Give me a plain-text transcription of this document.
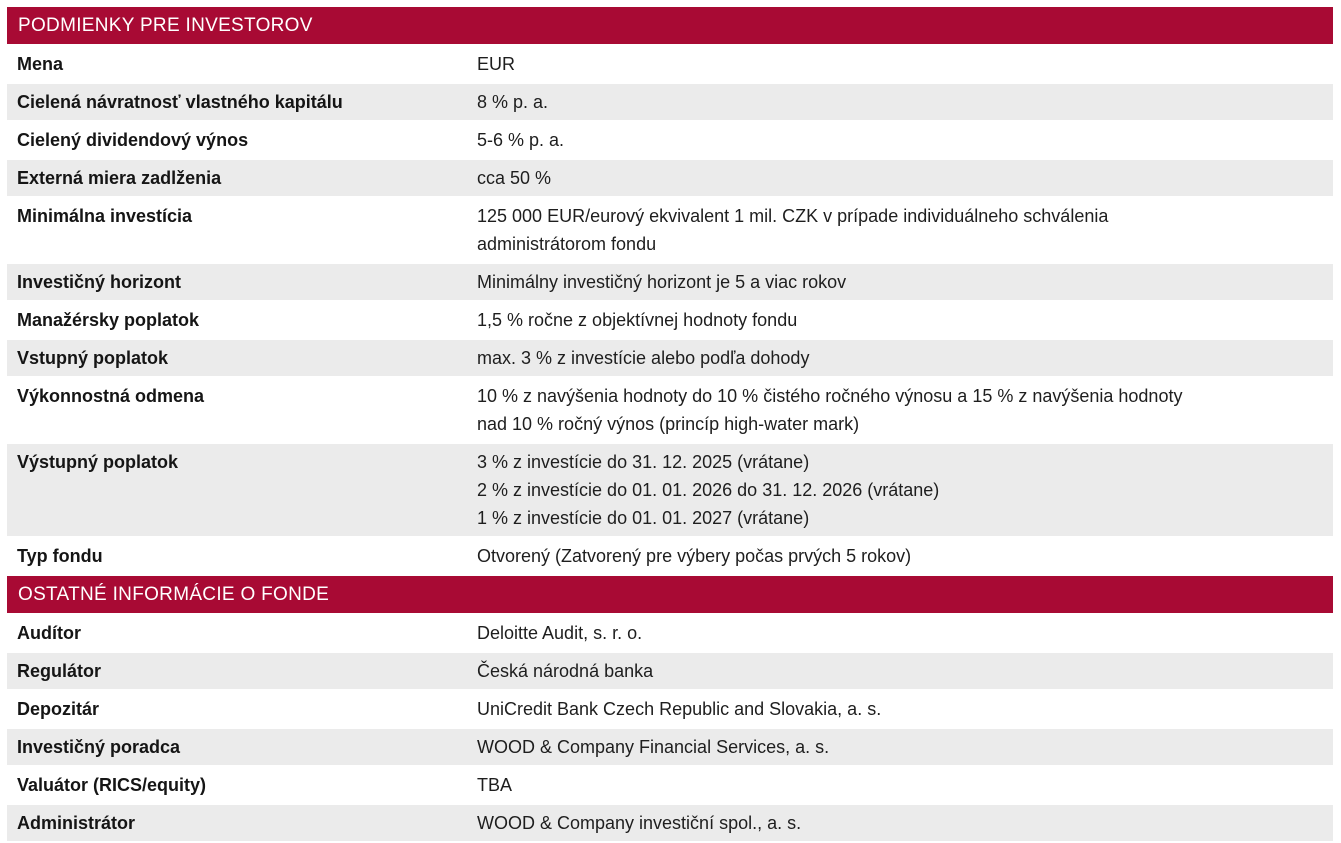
PODMIENKY PRE INVESTOROV	
Mena	EUR

Cielená návratnosť vlastného kapitálu	8 % p. a.

Cielený dividendový výnos	5-6 % p. a.

Externá miera zadlženia	cca 50 %

Minimálna investícia	125 000 EUR/eurový ekvivalent 1 mil. CZK v prípade individuálneho schválenia
administrátorom fondu

Investičný horizont	Minimálny investičný horizont je 5 a viac rokov

Manažérsky poplatok	1,5 % ročne z objektívnej hodnoty fondu

Vstupný poplatok	max. 3 % z investície alebo podľa dohody

Výkonnostná odmena	10 % z navýšenia hodnoty do 10 % čistého ročného výnosu a 15 % z navýšenia hodnoty
nad 10 % ročný výnos (princíp high-water mark)

Výstupný poplatok	3 % z investície do 31. 12. 2025 (vrátane)
2 % z investície do 01. 01. 2026 do 31. 12. 2026 (vrátane)
1 % z investície do 01. 01. 2027 (vrátane)

Typ fondu	Otvorený (Zatvorený pre výbery počas prvých 5 rokov)

OSTATNÉ INFORMÁCIE O FONDE	
Audítor	Deloitte Audit, s. r. o.

Regulátor	Česká národná banka

Depozitár	UniCredit Bank Czech Republic and Slovakia, a. s.

Investičný poradca	WOOD & Company Financial Services, a. s.

Valuátor (RICS/equity)	TBA

Administrátor	WOOD & Company investiční spol., a. s.
